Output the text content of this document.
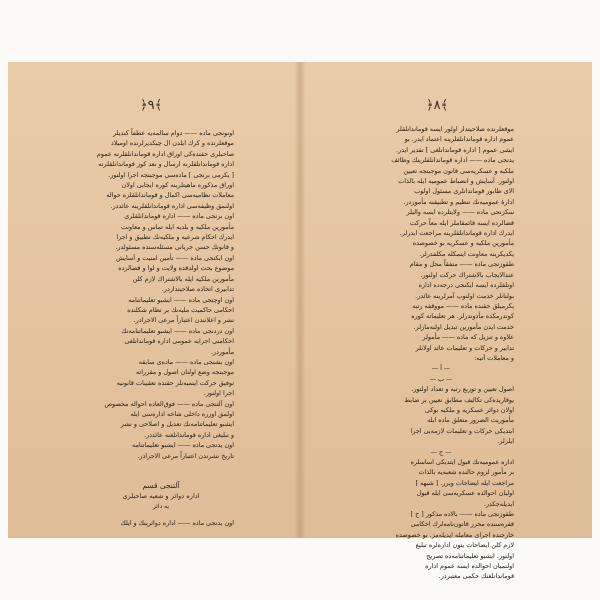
﴿٩﴾
اونونجی ماده —— دوام سالمه‌یه عطفاً كندیلر
موقعلرنده و كرك ایلدن ال چیكدیرلرنده اومیلاد
صاحبلری حقنده‌كی اوراق اداره قوماندانلقلرنه عموم
اداره قوماندانلقلرنه ارسال و بعد كوز قوماندانلقلرنه
[ یکرمی برنجی ] ماده‌سی موجبنجه اجرا اولنور.
اوراق مذكوره ماهیتلرینه كوره ایجابی اولان
معاملات نظامیه‌سی اكمال و قوماندانلقلره حواله
اولنمق وظیفه‌سی اداره قوماندانلقلرینه عائددر.
اون برنجی ماده —— اداره قوماندانلقلری
مأمورین ملكیه و بلدیه ایله تماس و معاونت
ایدرك احكام شرعیه و ملكیه‌نك تطبیق و اجرا
و قانونك حسن جریانی مسئله‌سنده مسئولدر.
اون ایكنجی ماده —— تأمین امنیت و آسایش
موضوع بحث اولدقده ولایت و لوا و قضالرده
مأمورین ملكیه ایله بالاشتراك لازم كلن
تدابیری اتخاذه صلاحیتداردر.
اون اوچنجی ماده —— ایشبو تعلیماتنامه
احكامی حاكمیت ملیه‌نك بر نظام شكلنده
نشر و اعلانندن اعتباراً مرعی الاجرادر.
اون دردنجی ماده —— ایشبو تعلیماتنامه‌نك
احكامنی اجرایه عمومی اداره قوماندانلغی
مأموردر.
اون بشنجی ماده —— ماده‌ی سابقه
موجبنجه وضع اولنان اصول و مقرراته
توفیق حركت ایتمیه‌نلر حقنده تعقیبات قانونیه
اجرا اولنور.
اون آلتنجی ماده —— فوق‌العاده احواله مخصوص
اولمق اوزره داخلی شاخه اداره‌سی ایله
ایشبو تعلیماتنامه‌نك تعدیل و اصلاحی و نشر
و تبلیغی اداره قوماندانلغنه عائددر.
اون یدنجی ماده —— ایشبو تعلیماتنامه
تاریخ نشرندن اعتباراً مرعی الاجرادر.
آلتنجی قسم
اداره دوائر و شعبه صاحبلری
یه دائر
اون یدنجی ماده —— اداره دوائرینك و ایلك
﴿٨﴾
موقعلرنده صلاحیتدار اولور ایسه قوماندانلقلر
عموم اداره قوماندانلقلرینه اعتماد ایدر. بو
ایشی عموم [ اداره قوماندانلغی ] تقدیر ایدر.
یدنجی ماده —— اداره قوماندانلقلرینك وظائف
ملكیه و عسكریه‌سی قانون موجبنجه تعیین
اولنور. آسایش و انضباط عمومیه ایله بالذات
الای طابور قوماندانلری مسئول اولوب
ادارهٔ عمومیه‌نك تنظیم و تطبیقنه مأموردر.
سكزنجی ماده —— ولایتلرده ایسه والیلر
قضالرده ایسه قائمقاملر ایله معاً حركت
ایدرك اداره قوماندانلقلرینه مراجعت ایدرلر.
مأمورین ملكیه و عسكریه بو خصوصده
یكدیكرینه معاونت ایتمكله مكلفدرلر.
طقوزنجی ماده —— متفقاً محل و مقام
عندالایجاب بالاشتراك حركت اولنور.
اونلقلرده ایسه ایكنجی درجه‌ده اداره
بولنانلر خدمت اولنوب آمرلرینه عائدر.
یكرمیلق حقنده ماده —— مووقفه رتبه
كوندرمكده مأذوندرلر. هر تعلیماته كوره
خدمت ایدن مأمورین تبدیل اولنه‌مازلر.
علاوه و تنزیل كه ماده —— مأمولر
تدابیر و حركات و تعلیمات عائد اولانلر
و معاملات آتیه:
— آ —
— ب —
اصول تعیین و توزیع رتبه و تعداد اولنور.
یوقاریده‌كی تكالیف مطابق تعیین بر ضابط
اولان دوائر عسكریه و ملكیه بوكی
مأموریت الضرور متعلق ماده ایله
ایتدیكی حركات و تعلیمات لازمه‌یی اجرا
ایلرلر.
— ج —
اداره عمومیه‌نك قبول ایتدیكی اساسلره
بر مأمور لزوم حالنده شعبه‌یه بالذات
مراجعت ایله ایضاحات ویرر. [ شبهه ]
اولیان احوالده عسكریه‌سی ایله قبول
ایدیله‌جكدر.
طقوزنجی ماده —— بالاده مذكور [ ح ]
فقره‌سنده محرر قانون‌نامه‌لرك احكامی
خارجنده اجرای معامله ایدیله‌مز. بو خصوصده
لازم كلن ایضاحات بتون اداره‌لره تبلیغ
اولنور. ایشبو تعلیماتنامه‌ده تصریح
اولنمیان احوالده ایسه عموم اداره
قوماندانلغنك حكمی معتبردر.
